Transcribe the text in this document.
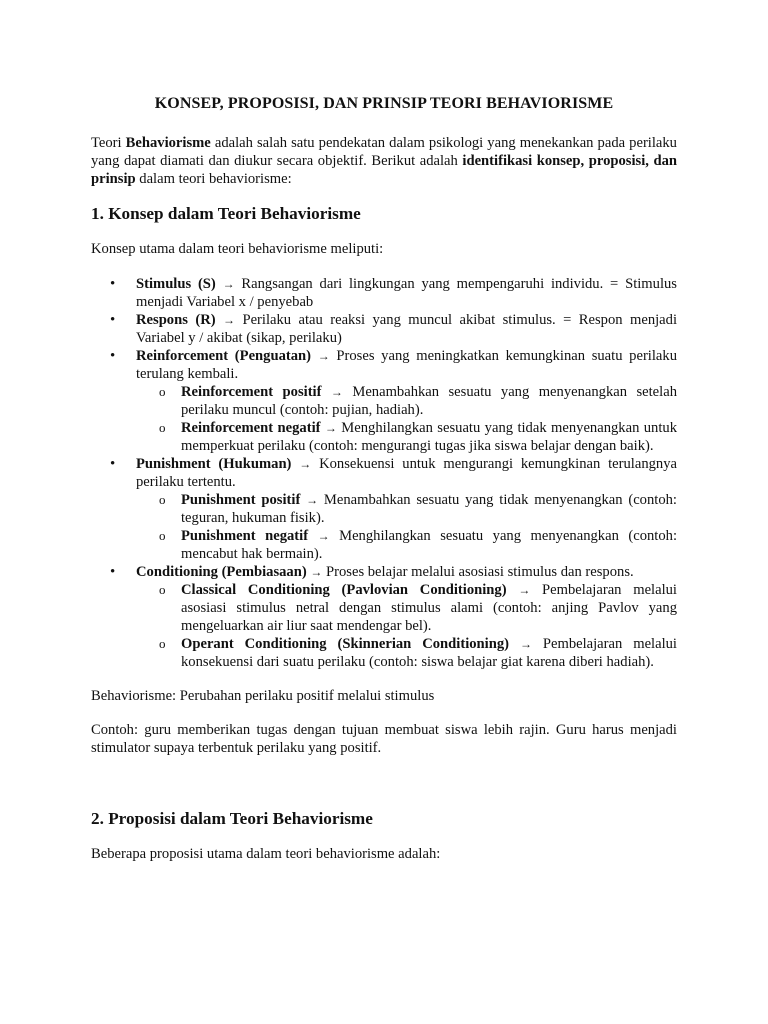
KONSEP, PROPOSISI, DAN PRINSIP TEORI BEHAVIORISME

Teori Behaviorisme adalah salah satu pendekatan dalam psikologi yang menekankan pada perilaku yang dapat diamati dan diukur secara objektif. Berikut adalah identifikasi konsep, proposisi, dan prinsip dalam teori behaviorisme:

1. Konsep dalam Teori Behaviorisme

Konsep utama dalam teori behaviorisme meliputi:

• Stimulus (S) → Rangsangan dari lingkungan yang mempengaruhi individu. = Stimulus menjadi Variabel x / penyebab
• Respons (R) → Perilaku atau reaksi yang muncul akibat stimulus. = Respon menjadi Variabel y / akibat (sikap, perilaku)
• Reinforcement (Penguatan) → Proses yang meningkatkan kemungkinan suatu perilaku terulang kembali.
o Reinforcement positif → Menambahkan sesuatu yang menyenangkan setelah perilaku muncul (contoh: pujian, hadiah).
o Reinforcement negatif → Menghilangkan sesuatu yang tidak menyenangkan untuk memperkuat perilaku (contoh: mengurangi tugas jika siswa belajar dengan baik).
• Punishment (Hukuman) → Konsekuensi untuk mengurangi kemungkinan terulangnya perilaku tertentu.
o Punishment positif → Menambahkan sesuatu yang tidak menyenangkan (contoh: teguran, hukuman fisik).
o Punishment negatif → Menghilangkan sesuatu yang menyenangkan (contoh: mencabut hak bermain).
• Conditioning (Pembiasaan) → Proses belajar melalui asosiasi stimulus dan respons.
o Classical Conditioning (Pavlovian Conditioning) → Pembelajaran melalui asosiasi stimulus netral dengan stimulus alami (contoh: anjing Pavlov yang mengeluarkan air liur saat mendengar bel).
o Operant Conditioning (Skinnerian Conditioning) → Pembelajaran melalui konsekuensi dari suatu perilaku (contoh: siswa belajar giat karena diberi hadiah).

Behaviorisme: Perubahan perilaku positif melalui stimulus

Contoh: guru memberikan tugas dengan tujuan membuat siswa lebih rajin. Guru harus menjadi stimulator supaya terbentuk perilaku yang positif.

2. Proposisi dalam Teori Behaviorisme

Beberapa proposisi utama dalam teori behaviorisme adalah:
